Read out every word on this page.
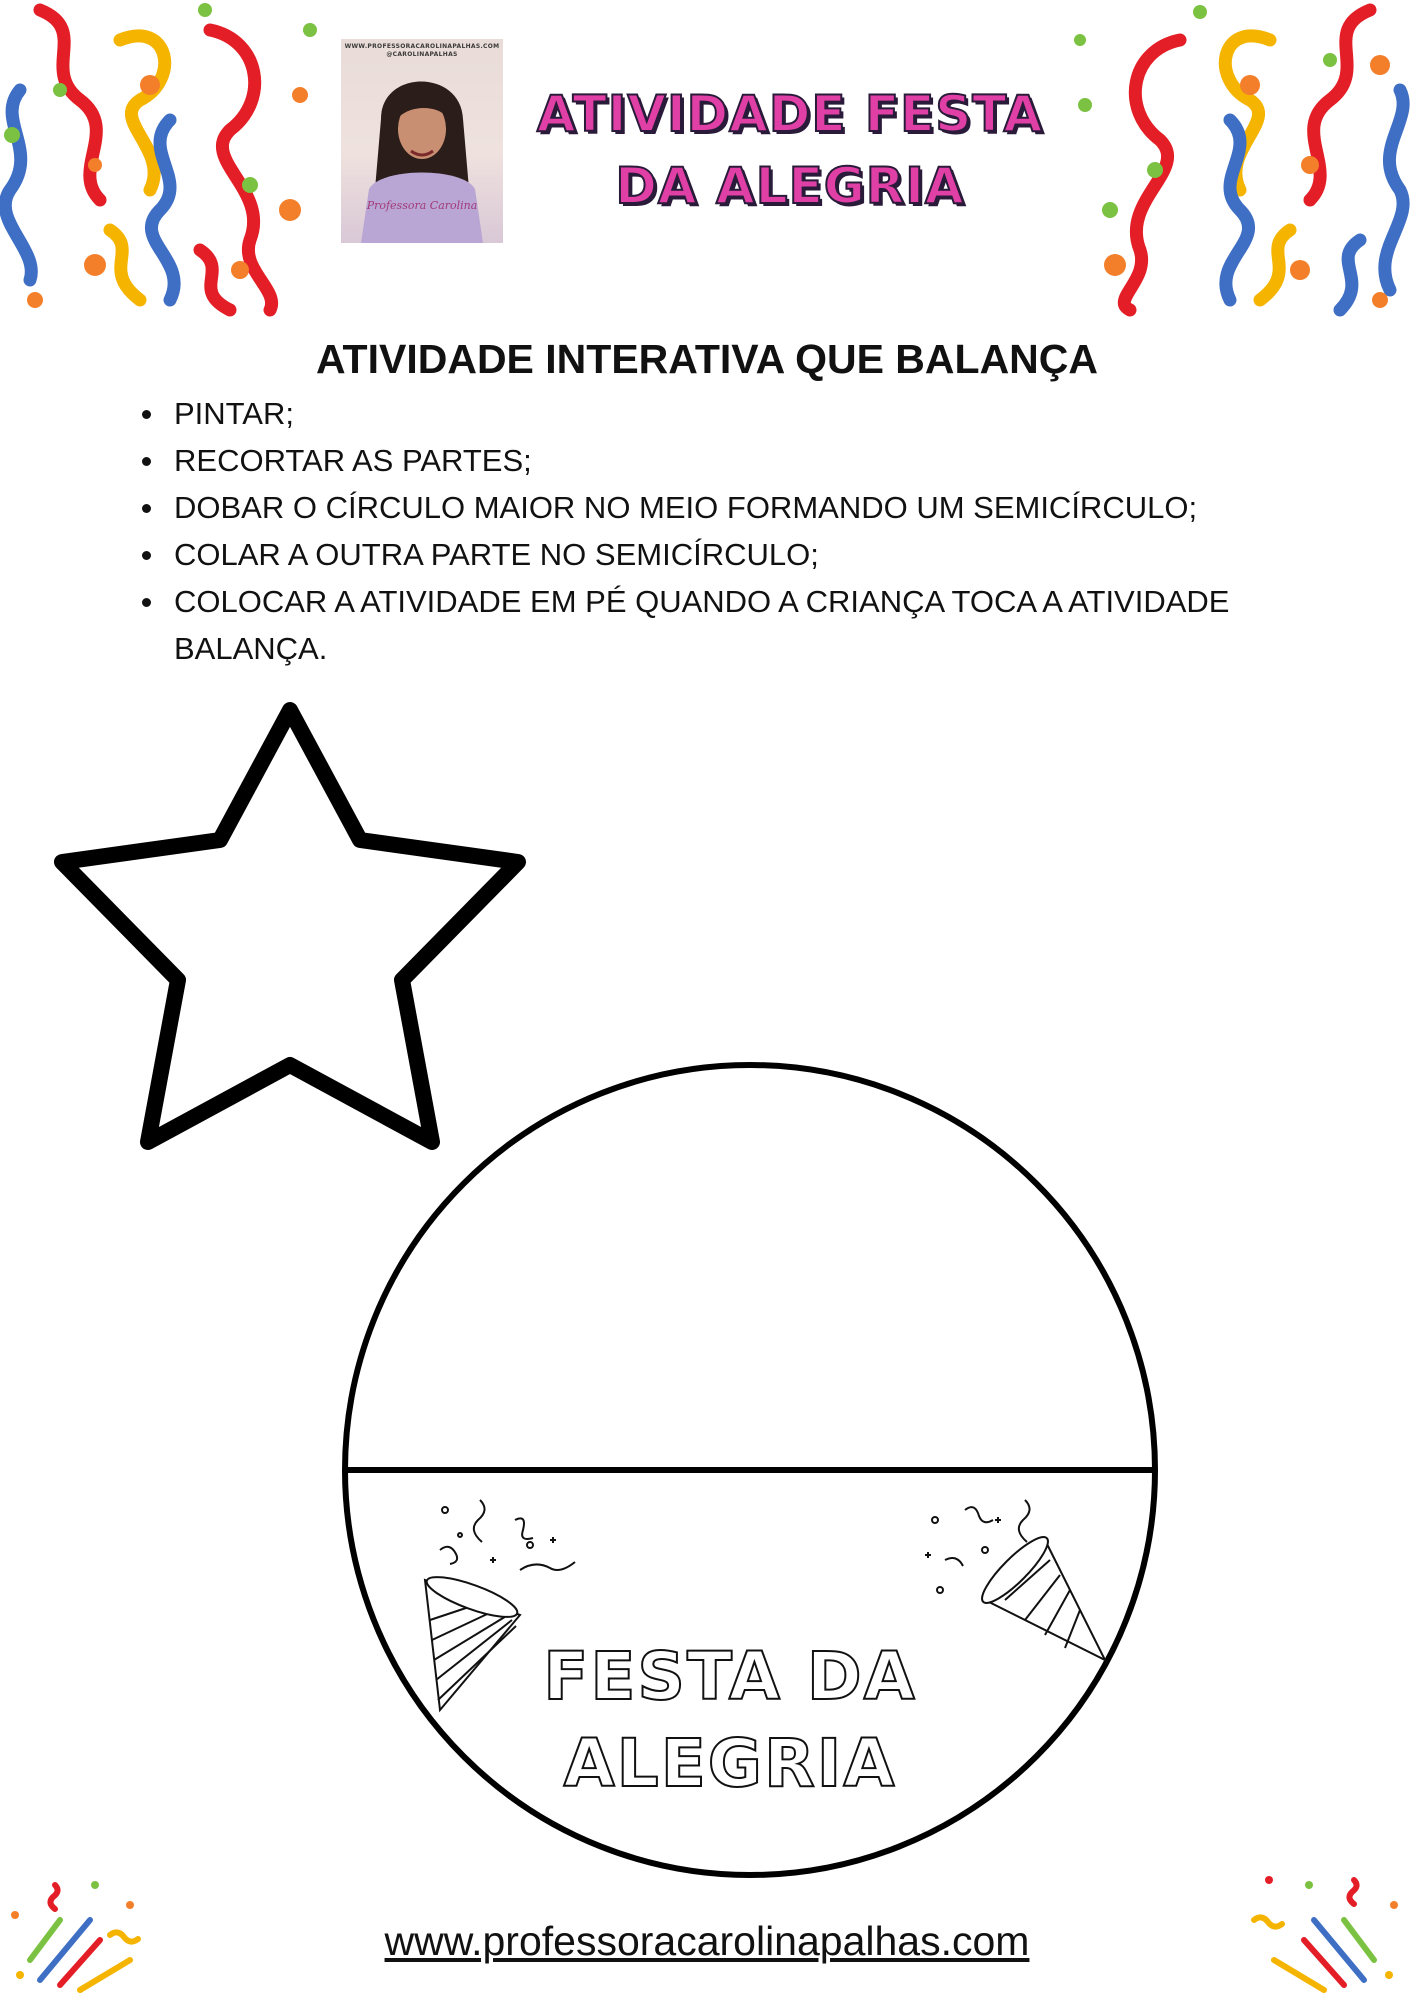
WWW.PROFESSORACAROLINAPALHAS.COM
@CAROLINAPALHAS
Professora Carolina
ATIVIDADE FESTA
DA ALEGRIA
ATIVIDADE INTERATIVA QUE BALANÇA
PINTAR;
RECORTAR AS PARTES;
DOBAR O CÍRCULO MAIOR NO MEIO FORMANDO UM SEMICÍRCULO;
COLAR A OUTRA PARTE NO SEMICÍRCULO;
COLOCAR A ATIVIDADE EM PÉ QUANDO A CRIANÇA TOCA A ATIVIDADE BALANÇA.
FESTA DA
ALEGRIA
www.professoracarolinapalhas.com
